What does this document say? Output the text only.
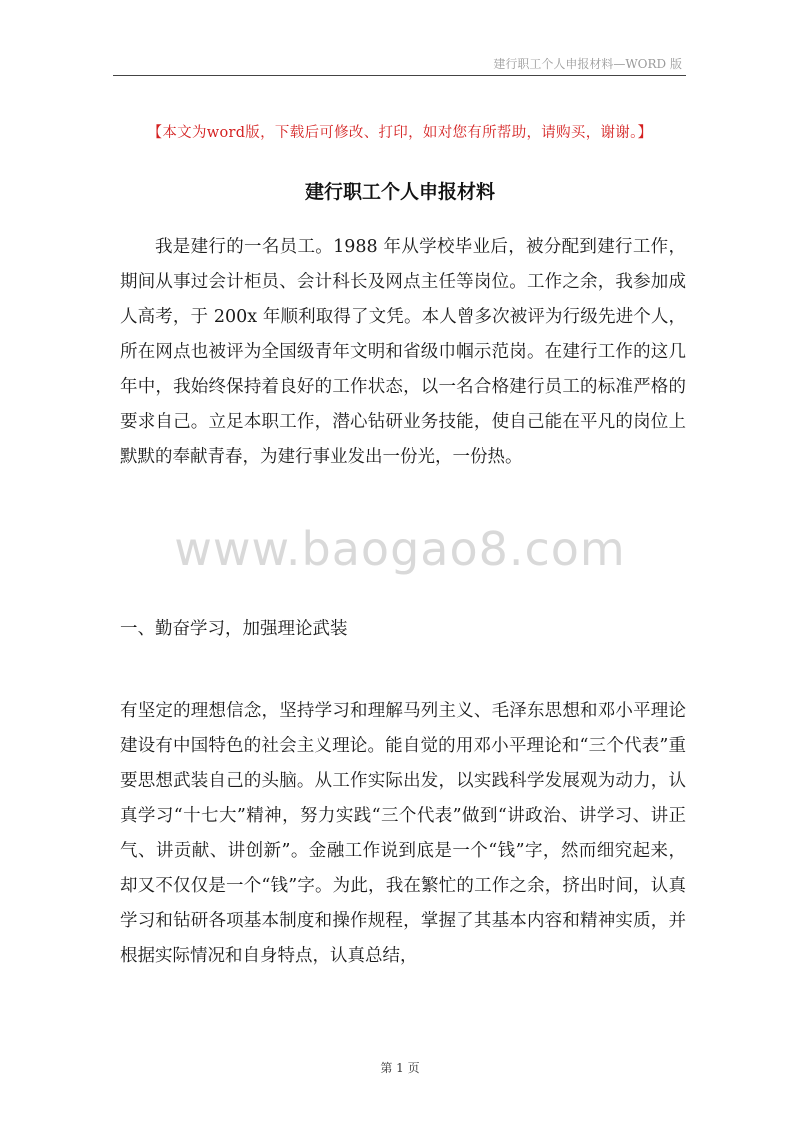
建行职工个人申报材料—WORD 版
【本文为word版，下载后可修改、打印，如对您有所帮助，请购买，谢谢。】
建行职工个人申报材料

我是建行的一名员工。1988 年从学校毕业后，被分配到建行工作，期间从事过会计柜员、会计科长及网点主任等岗位。工作之余，我参加成人高考，于 200x 年顺利取得了文凭。本人曾多次被评为行级先进个人，所在网点也被评为全国级青年文明和省级巾帼示范岗。在建行工作的这几年中，我始终保持着良好的工作状态，以一名合格建行员工的标准严格的要求自己。立足本职工作，潜心钻研业务技能，使自己能在平凡的岗位上默默的奉献青春，为建行事业发出一份光，一份热。

www.baogao8.com
一、勤奋学习，加强理论武装

有坚定的理想信念，坚持学习和理解马列主义、毛泽东思想和邓小平理论建设有中国特色的社会主义理论。能自觉的用邓小平理论和“三个代表”重要思想武装自己的头脑。从工作实际出发，以实践科学发展观为动力，认真学习“十七大”精神，努力实践“三个代表”做到“讲政治、讲学习、讲正气、讲贡献、讲创新”。金融工作说到底是一个“钱”字，然而细究起来，却又不仅仅是一个“钱”字。为此，我在繁忙的工作之余，挤出时间，认真学习和钻研各项基本制度和操作规程，掌握了其基本内容和精神实质，并根据实际情况和自身特点，认真总结，

第 1 页
